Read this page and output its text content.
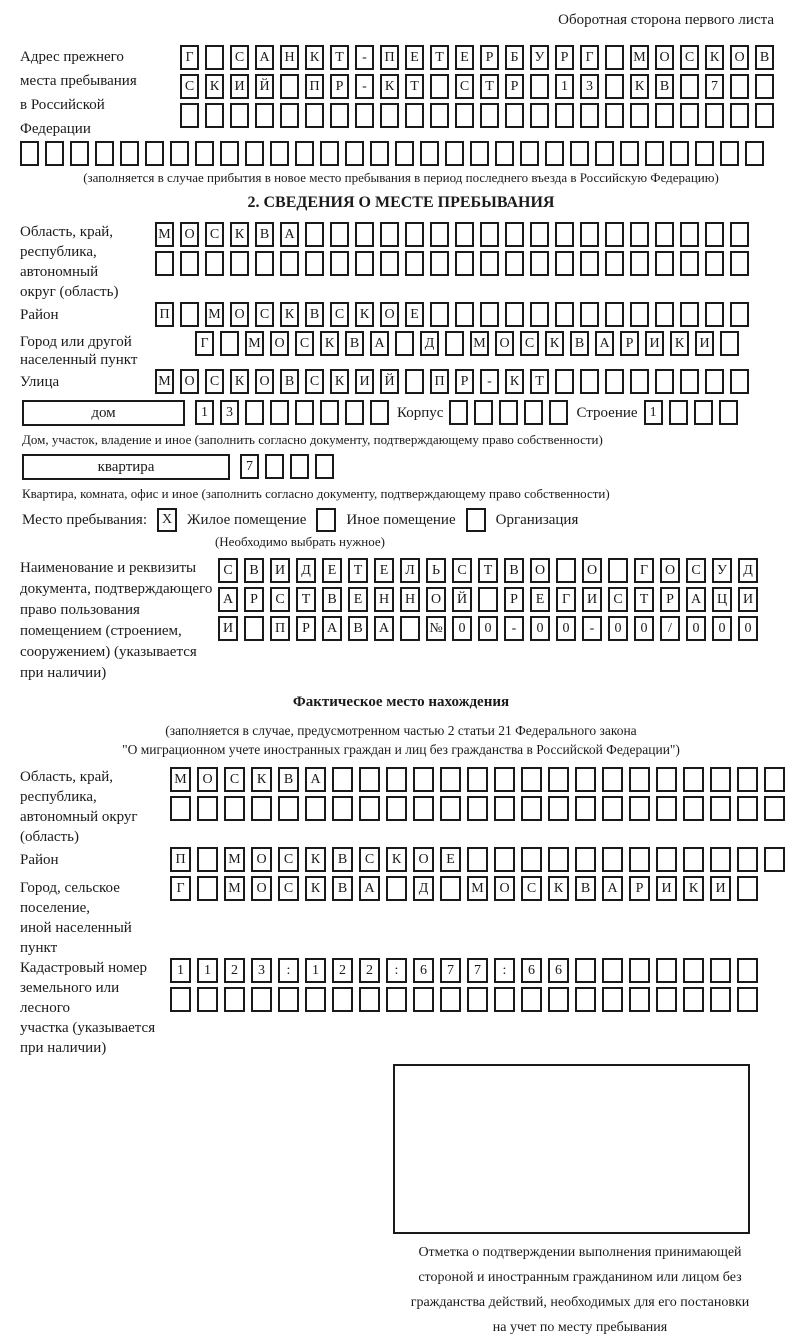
Оборотная сторона первого листа
Адрес прежнего
места пребывания
в Российской
Федерации
Г	С	А	Н	К	Т	-	П	Е	Т	Е	Р	Б	У	Р	Г	М О	С	К	О	В
С	К	И	Й	П	Р	-	К	Т	С	Т	Р	1	3	К	В	7
(заполняется в случае прибытия в новое место пребывания в период последнего въезда в Российскую Федерацию)
2. СВЕДЕНИЯ О МЕСТЕ ПРЕБЫВАНИЯ
Область, край,
республика,
автономный
округ (область)
М О	С	К	В	А
Район	П	М О	С	К	В	С	К	О	Е
Город или другой
населенный пункт
Г	М О	С	К	В	А	Д	М О	С	К	В	А	Р	И	К	И
Улица	М О	С	К	О	В	С	К	И	Й	П	Р	-	К	Т
дом	1	3	Корпус	Строение 1
Дом, участок, владение и иное (заполнить согласно документу, подтверждающему право собственности)
квартира	7
Квартира, комната, офис и иное (заполнить согласно документу, подтверждающему право собственности)
Место пребывания:	X Жилое помещение	Иное помещение	Организация
(Необходимо выбрать нужное)
Наименование и реквизиты
документа, подтверждающего
право пользования
помещением (строением,
сооружением) (указывается
при наличии)
С	В	И	Д	Е	Т	Е	Л	Ь	С	Т	В	О	О	Г	О	С	У	Д
А	Р	С	Т	В	Е	Н	Н	О	Й	Р	Е	Г	И	С	Т	Р	А	Ц	И
И	П	Р	А	В	А	№	0	0	-	0	0	-	0	0	/	0	0	0
Фактическое место нахождения
(заполняется в случае, предусмотренном частью 2 статьи 21 Федерального закона
"О миграционном учете иностранных граждан и лиц без гражданства в Российской Федерации")
Область, край,
республика,
автономный округ
(область)
М	О	С	К	В	А
Район	П	М	О	С	К	В	С	К	О	Е
Город, сельское поселение,
иной населенный пункт
Г	М	О	С	К	В	А	Д	М	О	С	К	В	А	Р	И	К	И
Кадастровый номер
земельного или лесного
участка (указывается
при наличии)
1	1	2	3	:	1	2	2	:	6	7	7	:	6	6
Отметка о подтверждении выполнения принимающей
стороной и иностранным гражданином или лицом без
гражданства действий, необходимых для его постановки
на учет по месту пребывания
